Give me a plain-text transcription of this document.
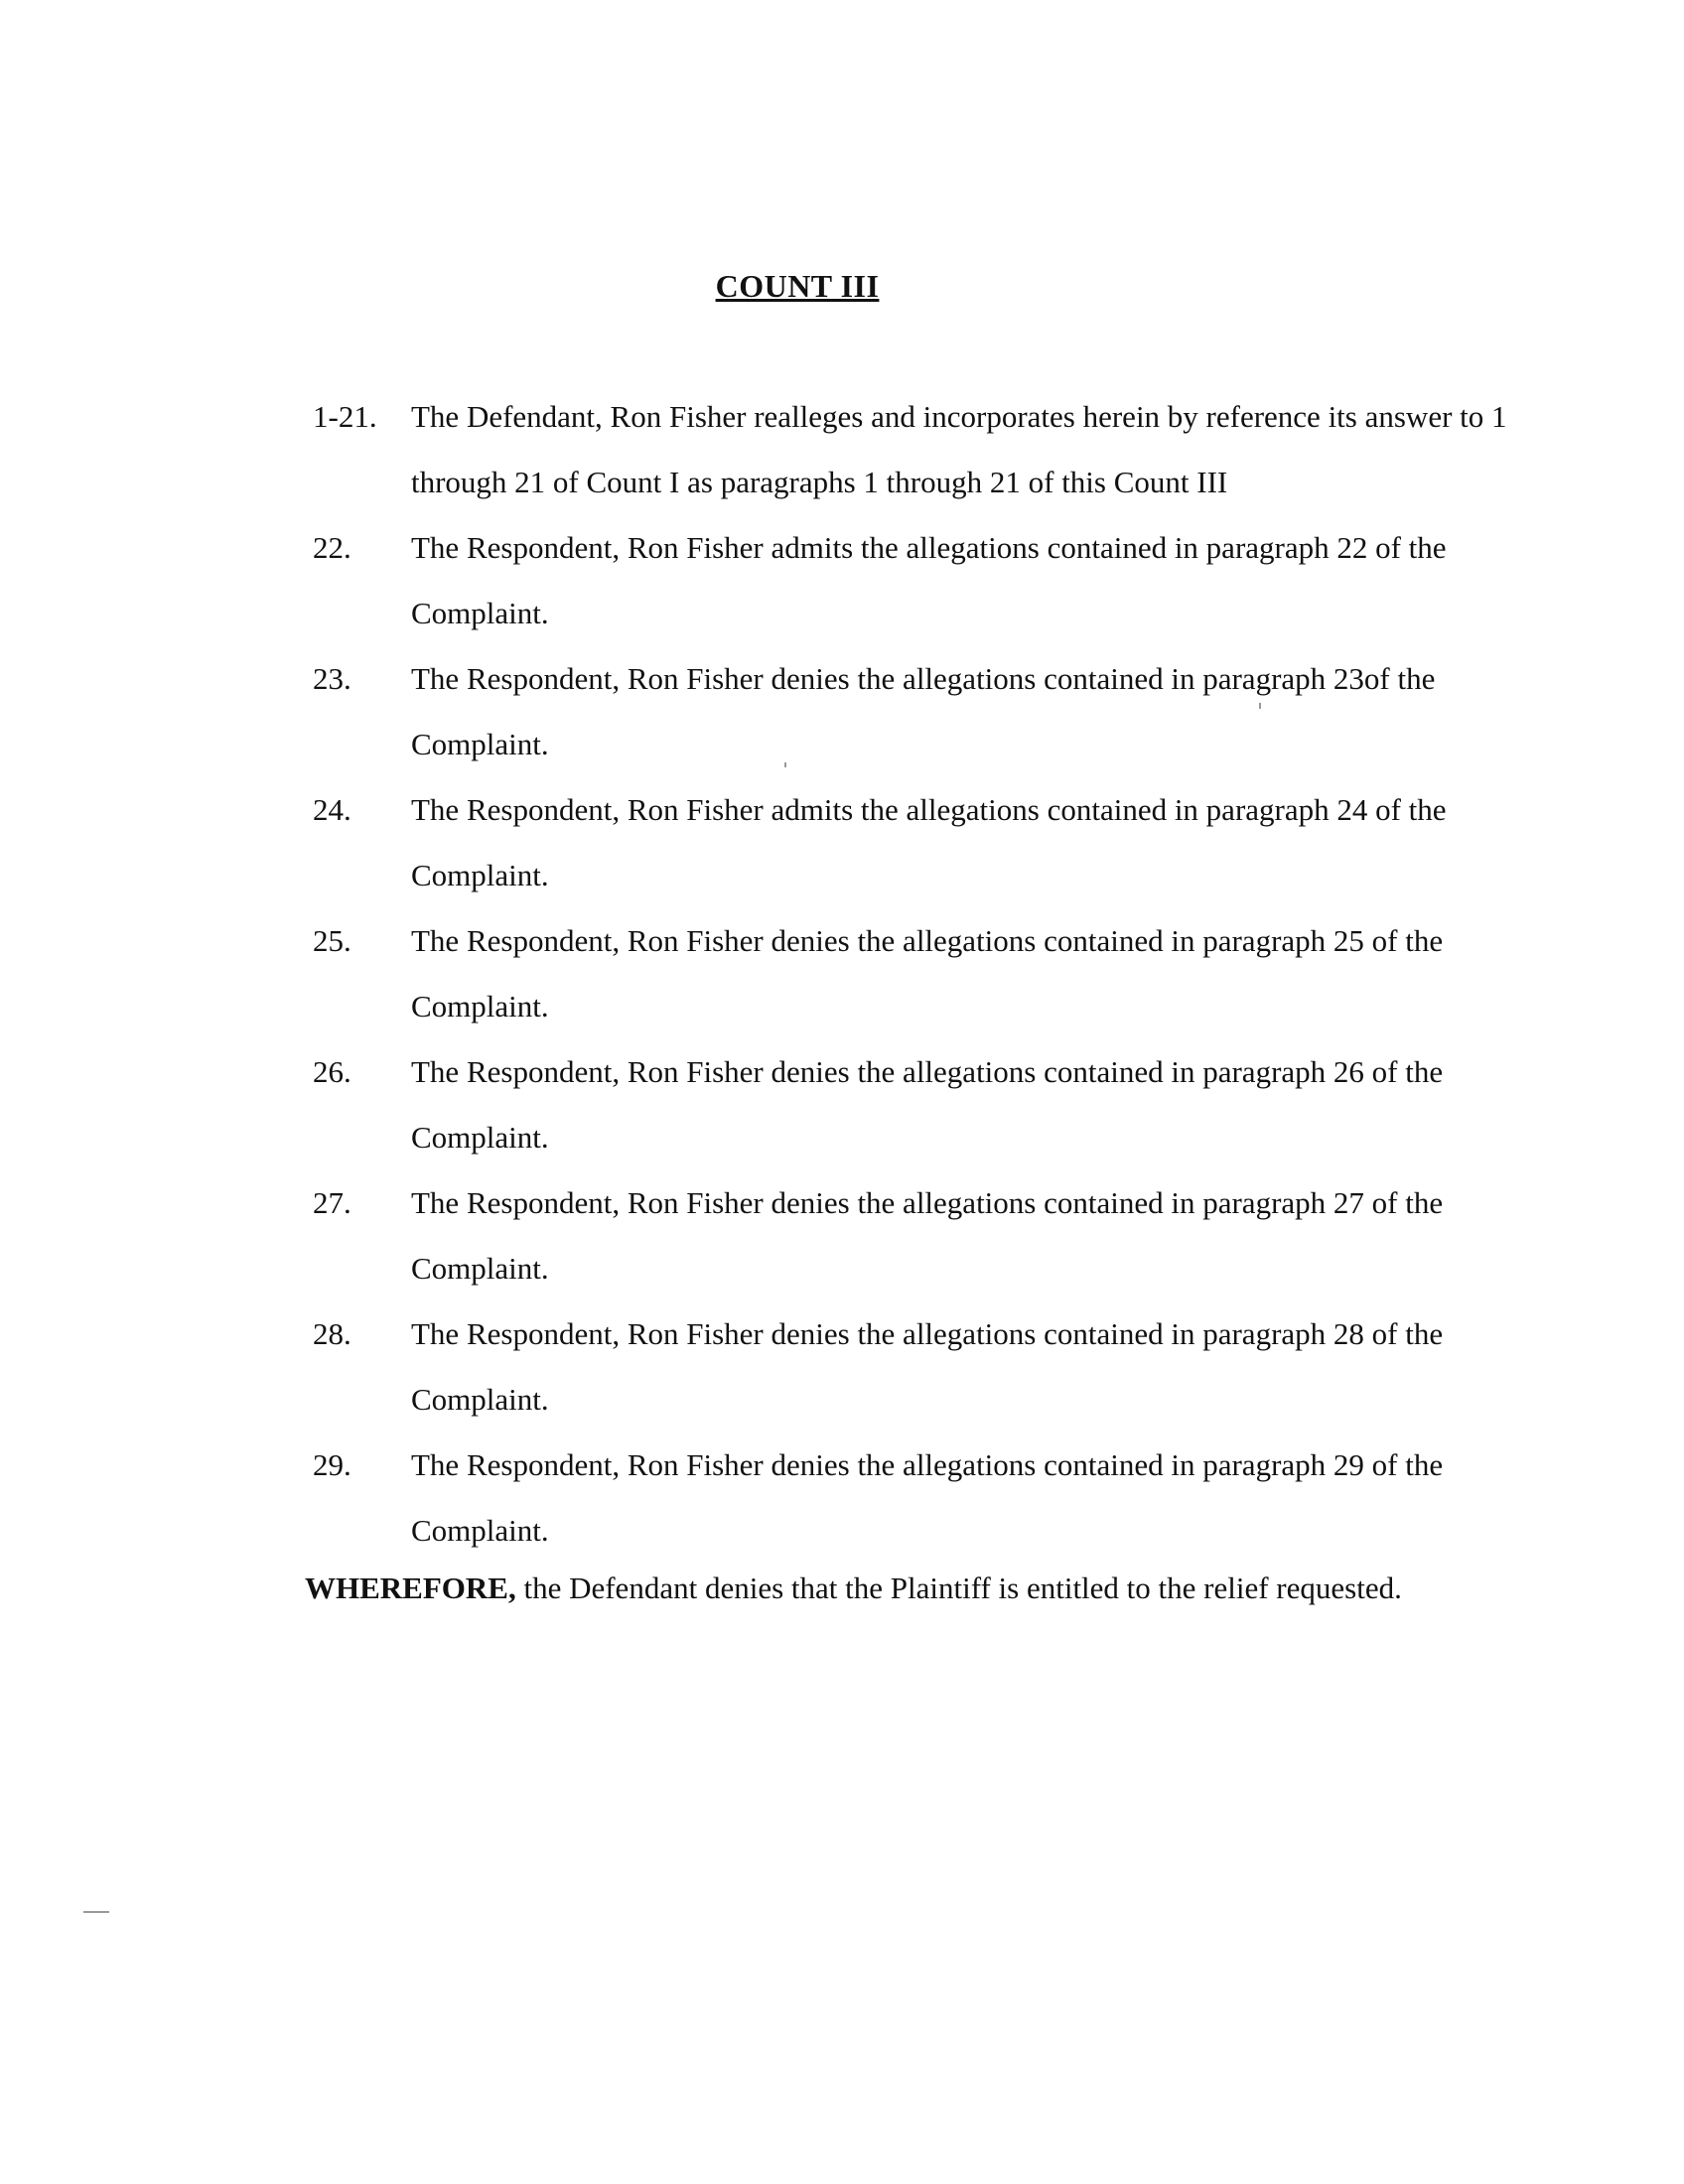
COUNT III
1-21. The Defendant, Ron Fisher realleges and incorporates herein by reference its answer to 1
through 21 of Count I as paragraphs 1 through 21 of this Count III
22. The Respondent, Ron Fisher admits the allegations contained in paragraph 22 of the
Complaint.
23. The Respondent, Ron Fisher denies the allegations contained in paragraph 23of the
Complaint.
24. The Respondent, Ron Fisher admits the allegations contained in paragraph 24 of the
Complaint.
25. The Respondent, Ron Fisher denies the allegations contained in paragraph 25 of the
Complaint.
26. The Respondent, Ron Fisher denies the allegations contained in paragraph 26 of the
Complaint.
27. The Respondent, Ron Fisher denies the allegations contained in paragraph 27 of the
Complaint.
28. The Respondent, Ron Fisher denies the allegations contained in paragraph 28 of the
Complaint.
29. The Respondent, Ron Fisher denies the allegations contained in paragraph 29 of the
Complaint.
WHEREFORE, the Defendant denies that the Plaintiff is entitled to the relief requested.
